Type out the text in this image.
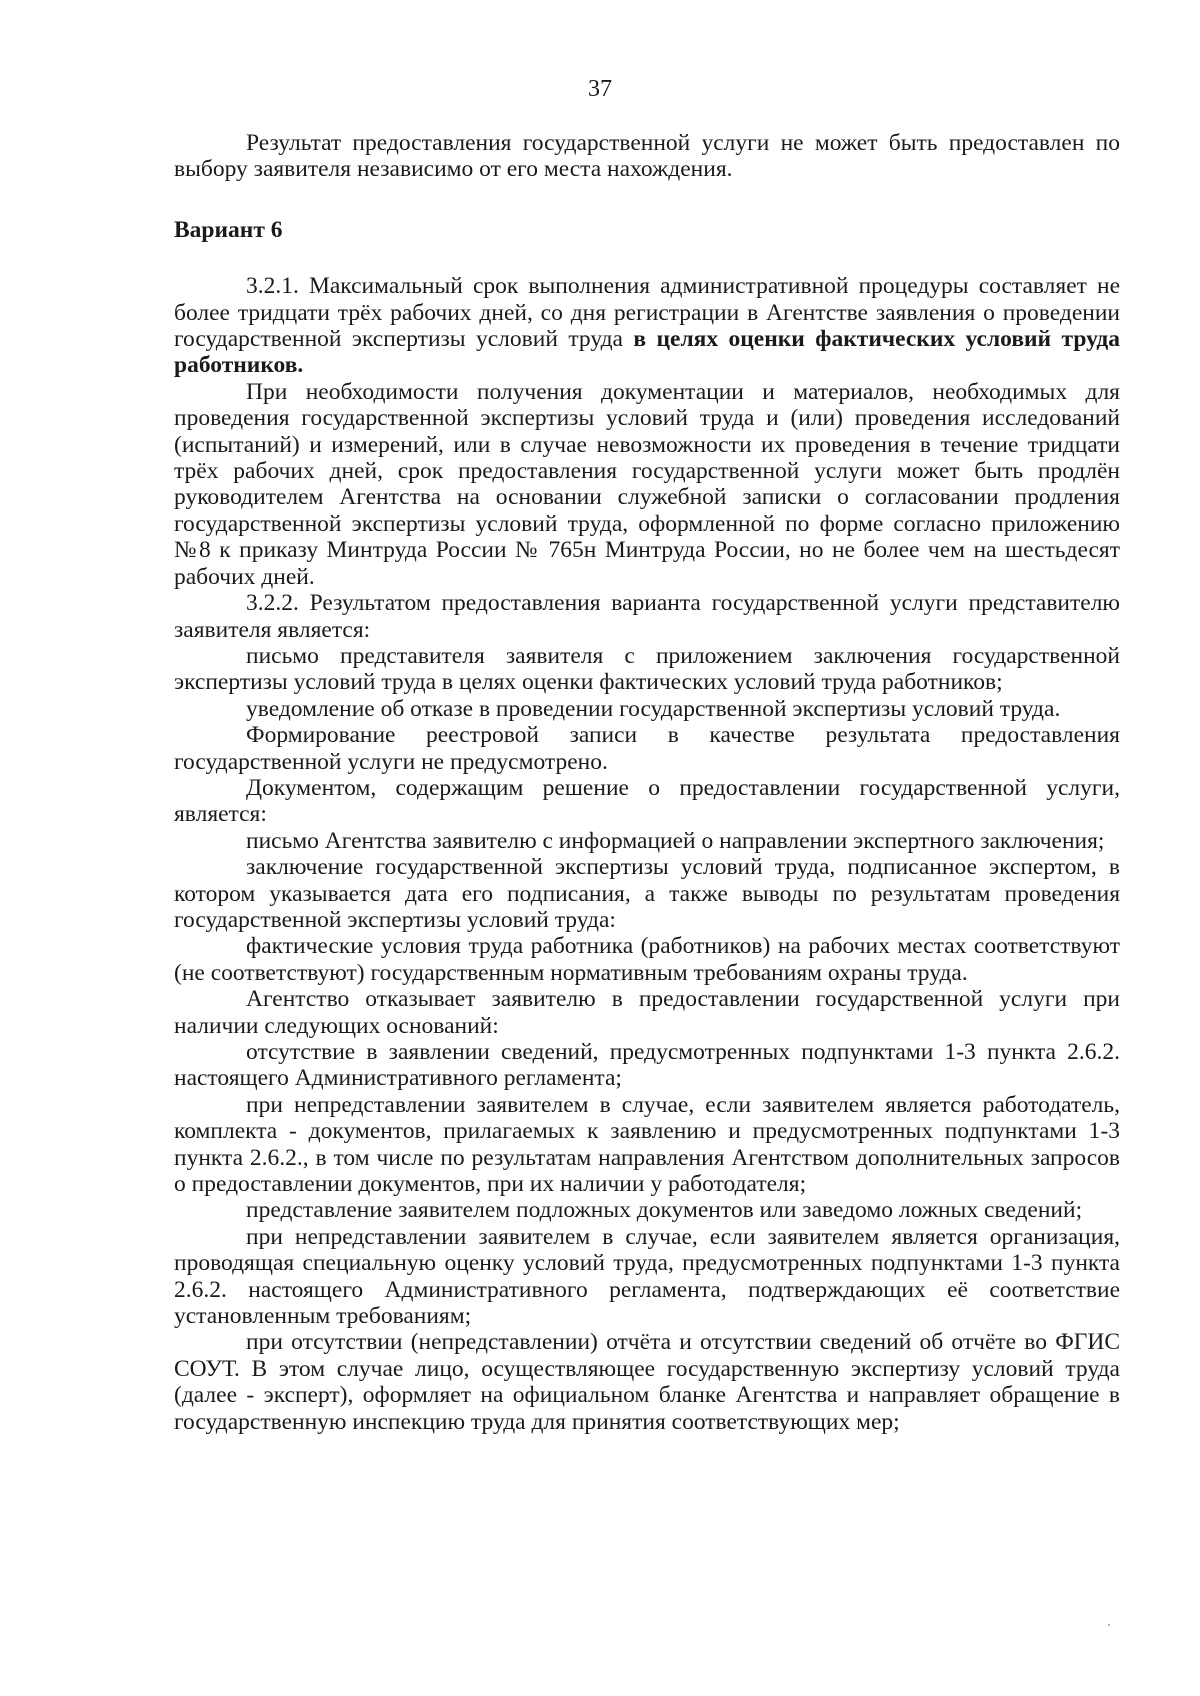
37

Результат предоставления государственной услуги не может быть предоставлен по выбору заявителя независимо от его места нахождения.

Вариант 6

3.2.1. Максимальный срок выполнения административной процедуры составляет не более тридцати трёх рабочих дней, со дня регистрации в Агентстве заявления о проведении государственной экспертизы условий труда в целях оценки фактических условий труда работников.

При необходимости получения документации и материалов, необходимых для проведения государственной экспертизы условий труда и (или) проведения исследований (испытаний) и измерений, или в случае невозможности их проведения в течение тридцати трёх рабочих дней, срок предоставления государственной услуги может быть продлён руководителем Агентства на основании служебной записки о согласовании продления государственной экспертизы условий труда, оформленной по форме согласно приложению №8 к приказу Минтруда России № 765н Минтруда России, но не более чем на шестьдесят рабочих дней.

3.2.2. Результатом предоставления варианта государственной услуги представителю заявителя является:

письмо представителя заявителя с приложением заключения государственной экспертизы условий труда в целях оценки фактических условий труда работников;

уведомление об отказе в проведении государственной экспертизы условий труда.

Формирование реестровой записи в качестве результата предоставления государственной услуги не предусмотрено.

Документом, содержащим решение о предоставлении государственной услуги, является:

письмо Агентства заявителю с информацией о направлении экспертного заключения;

заключение государственной экспертизы условий труда, подписанное экспертом, в котором указывается дата его подписания, а также выводы по результатам проведения государственной экспертизы условий труда:

фактические условия труда работника (работников) на рабочих местах соответствуют (не соответствуют) государственным нормативным требованиям охраны труда.

Агентство отказывает заявителю в предоставлении государственной услуги при наличии следующих оснований:

отсутствие в заявлении сведений, предусмотренных подпунктами 1-3 пункта 2.6.2. настоящего Административного регламента;

при непредставлении заявителем в случае, если заявителем является работодатель, комплекта - документов, прилагаемых к заявлению и предусмотренных подпунктами 1-3 пункта 2.6.2., в том числе по результатам направления Агентством дополнительных запросов о предоставлении документов, при их наличии у работодателя;

представление заявителем подложных документов или заведомо ложных сведений;

при непредставлении заявителем в случае, если заявителем является организация, проводящая специальную оценку условий труда, предусмотренных подпунктами 1-3 пункта 2.6.2. настоящего Административного регламента, подтверждающих её соответствие установленным требованиям;

при отсутствии (непредставлении) отчёта и отсутствии сведений об отчёте во ФГИС СОУТ. В этом случае лицо, осуществляющее государственную экспертизу условий труда (далее - эксперт), оформляет на официальном бланке Агентства и направляет обращение в государственную инспекцию труда для принятия соответствующих мер;
